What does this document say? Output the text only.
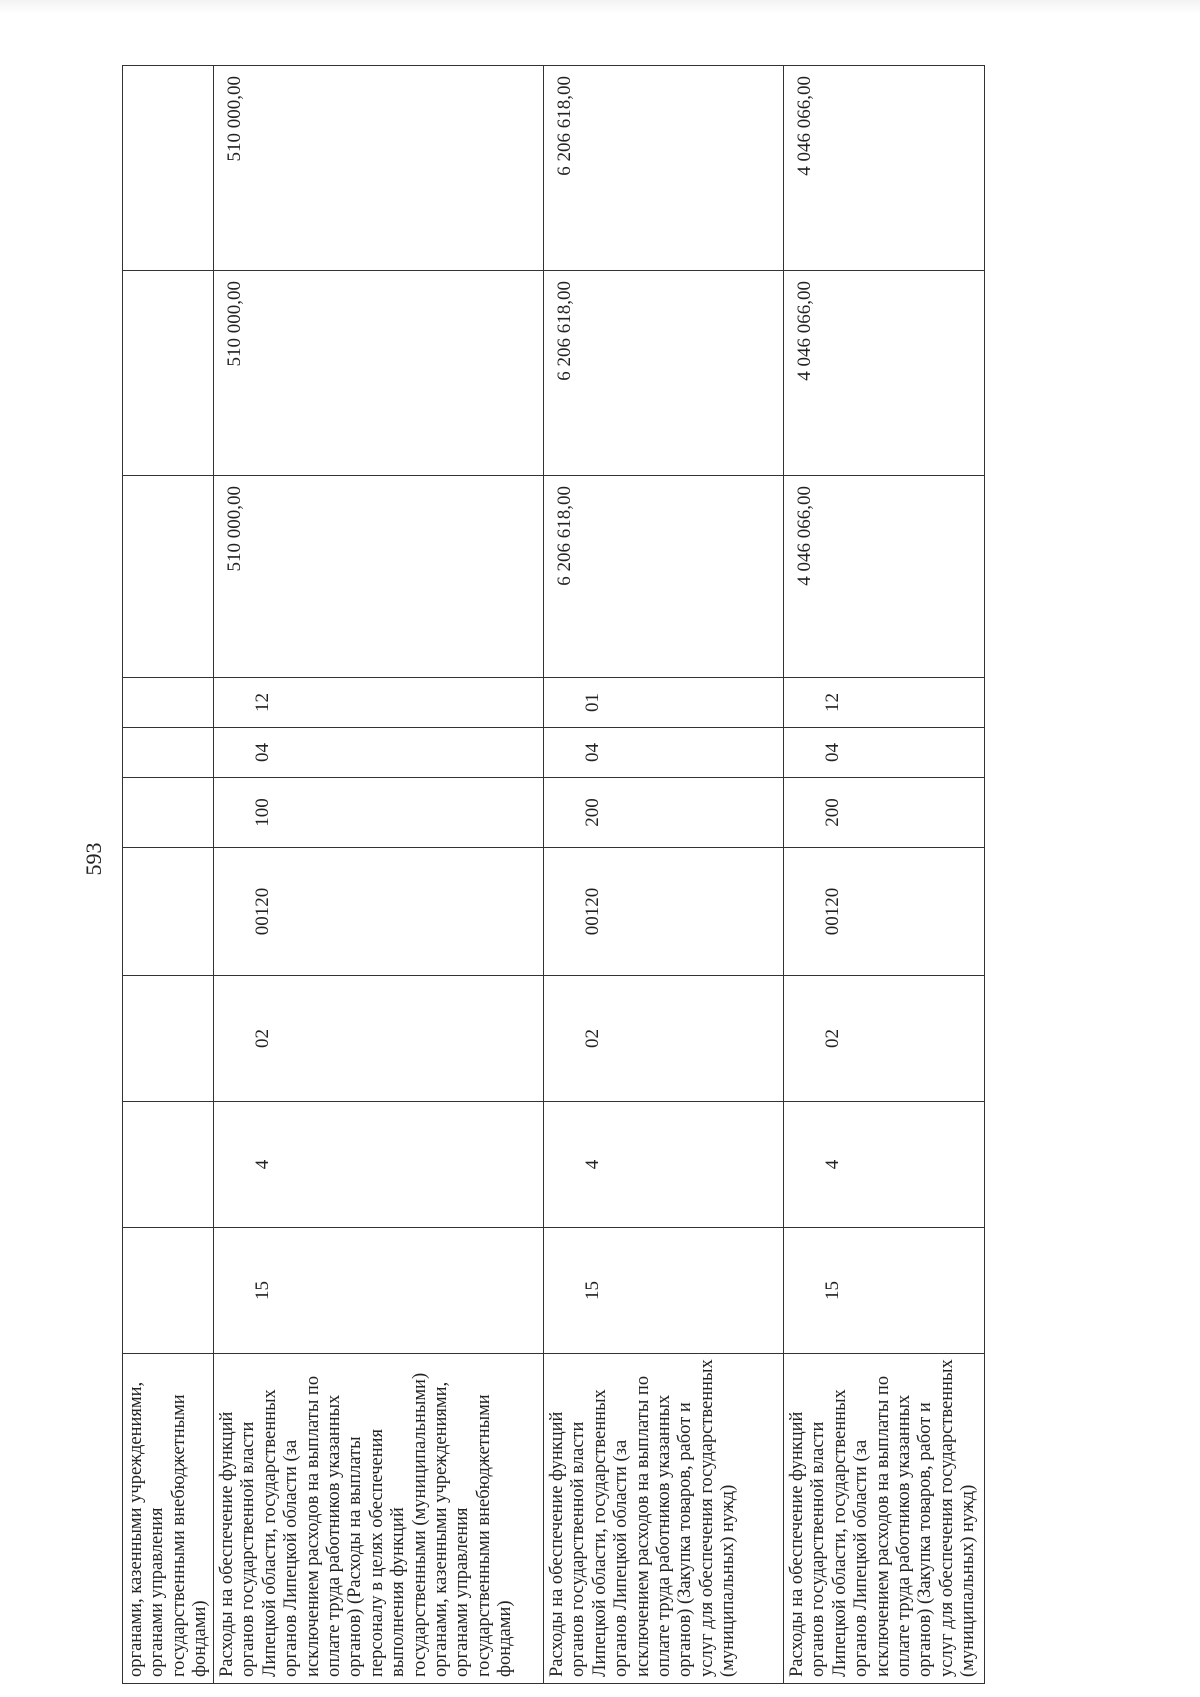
593
органами, казенными учреждениями, органами управления государственными внебюджетными фондами)										
Расходы на обеспечение функций органов государственной власти Липецкой области, государственных органов Липецкой области (за исключением расходов на выплаты по оплате труда работников указанных органов) (Расходы на выплаты персоналу в целях обеспечения выполнения функций государственными (муниципальными) органами, казенными учреждениями, органами управления государственными внебюджетными фондами)	15	4	02	00120	100	04	12	510 000,00	510 000,00	510 000,00

Расходы на обеспечение функций органов государственной власти Липецкой области, государственных органов Липецкой области (за исключением расходов на выплаты по оплате труда работников указанных органов) (Закупка товаров, работ и услуг для обеспечения государственных (муниципальных) нужд)	15	4	02	00120	200	04	01	6 206 618,00	6 206 618,00	6 206 618,00

Расходы на обеспечение функций органов государственной власти Липецкой области, государственных органов Липецкой области (за исключением расходов на выплаты по оплате труда работников указанных органов) (Закупка товаров, работ и услуг для обеспечения государственных (муниципальных) нужд)	15	4	02	00120	200	04	12	4 046 066,00	4 046 066,00	4 046 066,00
